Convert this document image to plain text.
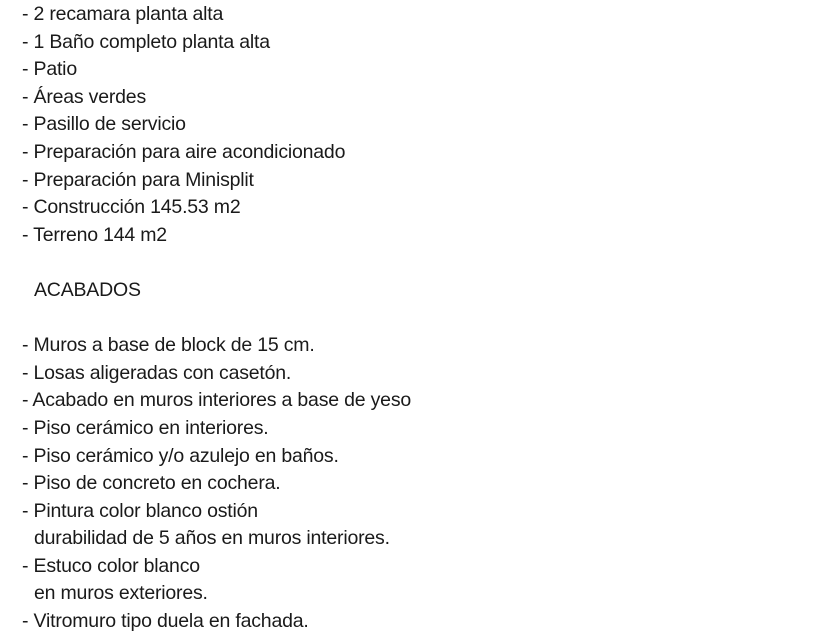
- 2 recamara planta alta
- 1 Baño completo planta alta
- Patio
- Áreas verdes
- Pasillo de servicio
- Preparación para aire acondicionado
- Preparación para Minisplit
- Construcción 145.53 m2
- Terreno 144 m2
ACABADOS
- Muros a base de block de 15 cm.
- Losas aligeradas con casetón.
- Acabado en muros interiores a base de yeso
- Piso cerámico en interiores.
- Piso cerámico y/o azulejo en baños.
- Piso de concreto en cochera.
- Pintura color blanco ostión
durabilidad de 5 años en muros interiores.
- Estuco color blanco
en muros exteriores.
- Vitromuro tipo duela en fachada.
